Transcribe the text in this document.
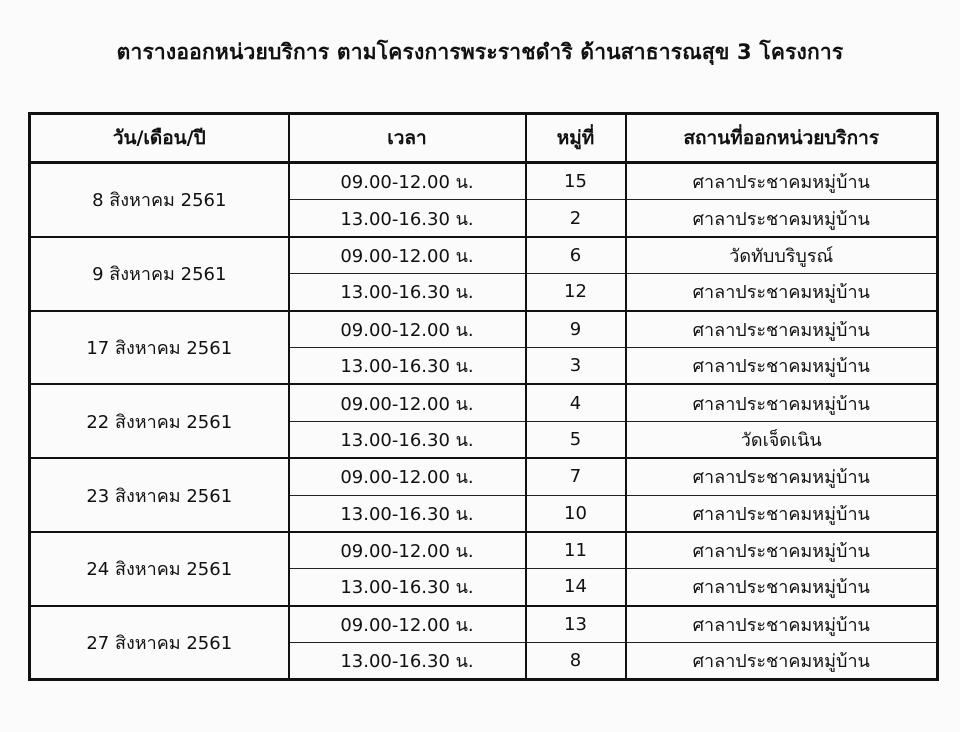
ตารางออกหน่วยบริการ ตามโครงการพระราชดำริ ด้านสาธารณสุข 3 โครงการ
วัน/เดือน/ปี	เวลา	หมู่ที่	สถานที่ออกหน่วยบริการ
8 สิงหาคม 2561	09.00-12.00 น.	15	ศาลาประชาคมหมู่บ้าน
	13.00-16.30 น.	2	ศาลาประชาคมหมู่บ้าน
9 สิงหาคม 2561	09.00-12.00 น.	6	วัดทับบริบูรณ์
	13.00-16.30 น.	12	ศาลาประชาคมหมู่บ้าน
17 สิงหาคม 2561	09.00-12.00 น.	9	ศาลาประชาคมหมู่บ้าน
	13.00-16.30 น.	3	ศาลาประชาคมหมู่บ้าน
22 สิงหาคม 2561	09.00-12.00 น.	4	ศาลาประชาคมหมู่บ้าน
	13.00-16.30 น.	5	วัดเจ็ดเนิน
23 สิงหาคม 2561	09.00-12.00 น.	7	ศาลาประชาคมหมู่บ้าน
	13.00-16.30 น.	10	ศาลาประชาคมหมู่บ้าน
24 สิงหาคม 2561	09.00-12.00 น.	11	ศาลาประชาคมหมู่บ้าน
	13.00-16.30 น.	14	ศาลาประชาคมหมู่บ้าน
27 สิงหาคม 2561	09.00-12.00 น.	13	ศาลาประชาคมหมู่บ้าน
	13.00-16.30 น.	8	ศาลาประชาคมหมู่บ้าน
